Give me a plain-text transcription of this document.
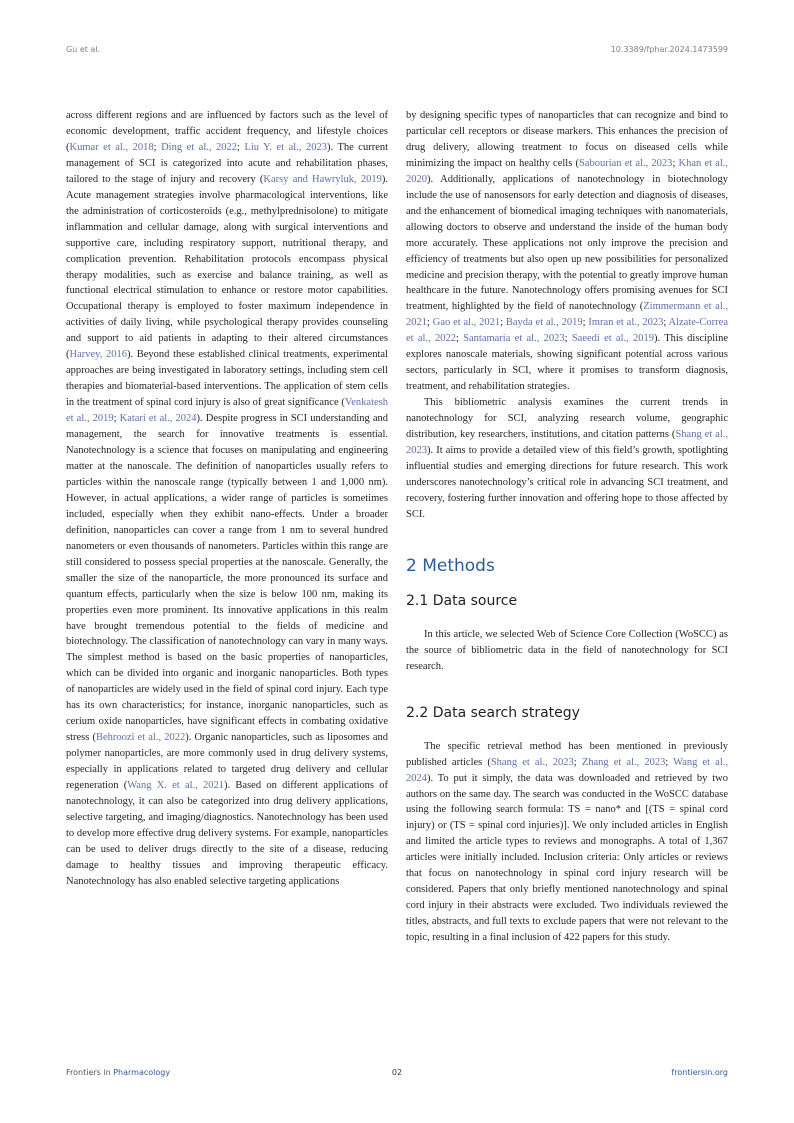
Gu et al.	10.3389/fphar.2024.1473599

across different regions and are influenced by factors such as the level of economic development, traffic accident frequency, and lifestyle choices (Kumar et al., 2018; Ding et al., 2022; Liu Y. et al., 2023). The current management of SCI is categorized into acute and rehabilitation phases, tailored to the stage of injury and recovery (Karsy and Hawryluk, 2019). Acute management strategies involve pharmacological interventions, like the administration of corticosteroids (e.g., methylprednisolone) to mitigate inflammation and cellular damage, along with surgical interventions and supportive care, including respiratory support, nutritional therapy, and complication prevention. Rehabilitation protocols encompass physical therapy modalities, such as exercise and balance training, as well as functional electrical stimulation to enhance or restore motor capabilities. Occupational therapy is employed to foster maximum independence in activities of daily living, while psychological therapy provides counseling and support to aid patients in adapting to their altered circumstances (Harvey, 2016). Beyond these established clinical treatments, experimental approaches are being investigated in laboratory settings, including stem cell therapies and biomaterial-based interventions. The application of stem cells in the treatment of spinal cord injury is also of great significance (Venkatesh et al., 2019; Katari et al., 2024). Despite progress in SCI understanding and management, the search for innovative treatments is essential. Nanotechnology is a science that focuses on manipulating and engineering matter at the nanoscale. The definition of nanoparticles usually refers to particles within the nanoscale range (typically between 1 and 1,000 nm). However, in actual applications, a wider range of particles is sometimes included, especially when they exhibit nano-effects. Under a broader definition, nanoparticles can cover a range from 1 nm to several hundred nanometers or even thousands of nanometers. Particles within this range are still considered to possess special properties at the nanoscale. Generally, the smaller the size of the nanoparticle, the more pronounced its surface and quantum effects, particularly when the size is below 100 nm, making its properties even more prominent. Its innovative applications in this realm have brought tremendous potential to the fields of medicine and biotechnology. The classification of nanotechnology can vary in many ways. The simplest method is based on the basic properties of nanoparticles, which can be divided into organic and inorganic nanoparticles. Both types of nanoparticles are widely used in the field of spinal cord injury. Each type has its own characteristics; for instance, inorganic nanoparticles, such as cerium oxide nanoparticles, have significant effects in combating oxidative stress (Behroozi et al., 2022). Organic nanoparticles, such as liposomes and polymer nanoparticles, are more commonly used in drug delivery systems, especially in applications related to targeted drug delivery and cellular regeneration (Wang X. et al., 2021). Based on different applications of nanotechnology, it can also be categorized into drug delivery applications, selective targeting, and imaging/diagnostics. Nanotechnology has been used to develop more effective drug delivery systems. For example, nanoparticles can be used to deliver drugs directly to the site of a disease, reducing damage to healthy tissues and improving therapeutic efficacy. Nanotechnology has also enabled selective targeting applications

by designing specific types of nanoparticles that can recognize and bind to particular cell receptors or disease markers. This enhances the precision of drug delivery, allowing treatment to focus on diseased cells while minimizing the impact on healthy cells (Sabourian et al., 2023; Khan et al., 2020). Additionally, applications of nanotechnology in biotechnology include the use of nanosensors for early detection and diagnosis of diseases, and the enhancement of biomedical imaging techniques with nanomaterials, allowing doctors to observe and understand the inside of the human body more accurately. These applications not only improve the precision and efficiency of treatments but also open up new possibilities for personalized medicine and precision therapy, with the potential to greatly improve human healthcare in the future. Nanotechnology offers promising avenues for SCI treatment, highlighted by the field of nanotechnology (Zimmermann et al., 2021; Gao et al., 2021; Bayda et al., 2019; Imran et al., 2023; Alzate-Correa et al., 2022; Santamaria et al., 2023; Saeedi et al., 2019). This discipline explores nanoscale materials, showing significant potential across various sectors, particularly in SCI, where it promises to transform diagnosis, treatment, and rehabilitation strategies.

This bibliometric analysis examines the current trends in nanotechnology for SCI, analyzing research volume, geographic distribution, key researchers, institutions, and citation patterns (Shang et al., 2023). It aims to provide a detailed view of this field’s growth, spotlighting influential studies and emerging directions for future research. This work underscores nanotechnology’s critical role in advancing SCI treatment, and recovery, fostering further innovation and offering hope to those affected by SCI.

2 Methods
2.1 Data source

In this article, we selected Web of Science Core Collection (WoSCC) as the source of bibliometric data in the field of nanotechnology for SCI research.

2.2 Data search strategy

The specific retrieval method has been mentioned in previously published articles (Shang et al., 2023; Zhang et al., 2023; Wang et al., 2024). To put it simply, the data was downloaded and retrieved by two authors on the same day. The search was conducted in the WoSCC database using the following search formula: TS = nano* and [(TS = spinal cord injury) or (TS = spinal cord injuries)]. We only included articles in English and limited the article types to reviews and monographs. A total of 1,367 articles were initially included. Inclusion criteria: Only articles or reviews that focus on nanotechnology in spinal cord injury research will be considered. Papers that only briefly mentioned nanotechnology and spinal cord injury in their abstracts were excluded. Two individuals reviewed the titles, abstracts, and full texts to exclude papers that were not relevant to the topic, resulting in a final inclusion of 422 papers for this study.

Frontiers in Pharmacology	02	frontiersin.org
